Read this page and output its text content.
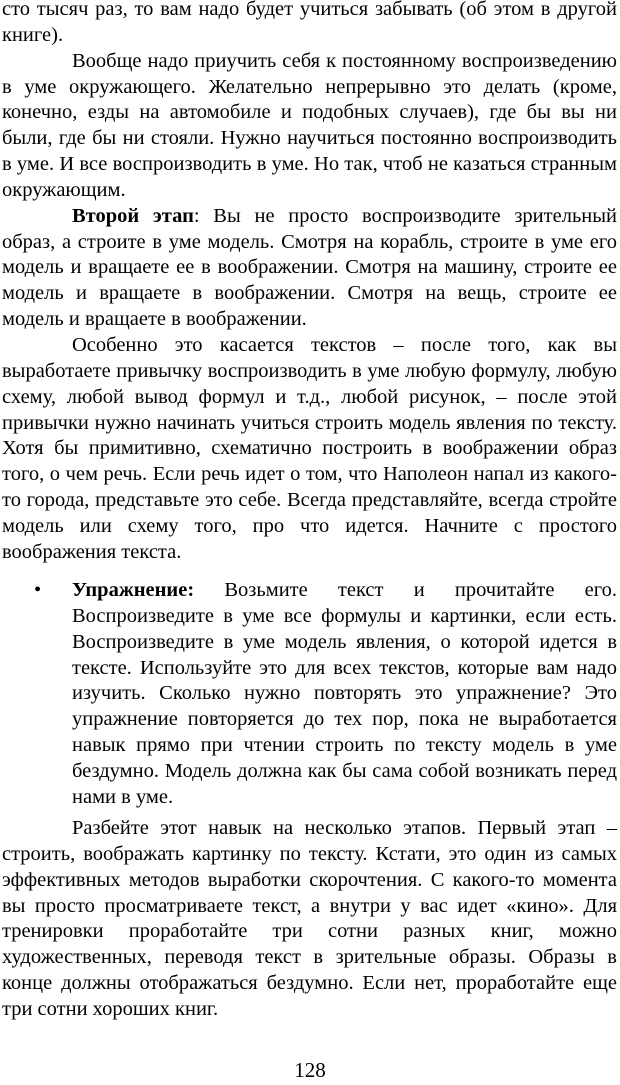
сто тысяч раз, то вам надо будет учиться забывать (об этом в другой книге).

Вообще надо приучить себя к постоянному воспроизведению в уме окружающего. Желательно непрерывно это делать (кроме, конечно, езды на автомобиле и подобных случаев), где бы вы ни были, где бы ни стояли. Нужно научиться постоянно воспроизводить в уме. И все воспроизводить в уме. Но так, чтоб не казаться странным окружающим.

Второй этап: Вы не просто воспроизводите зрительный образ, а строите в уме модель. Смотря на корабль, строите в уме его модель и вращаете ее в воображении. Смотря на машину, строите ее модель и вращаете в воображении. Смотря на вещь, строите ее модель и вращаете в воображении.

Особенно это касается текстов – после того, как вы выработаете привычку воспроизводить в уме любую формулу, любую схему, любой вывод формул и т.д., любой рисунок, – после этой привычки нужно начинать учиться строить модель явления по тексту. Хотя бы примитивно, схематично построить в воображении образ того, о чем речь. Если речь идет о том, что Наполеон напал из какого-то города, представьте это себе. Всегда представляйте, всегда стройте модель или схему того, про что идется. Начните с простого воображения текста.

• Упражнение: Возьмите текст и прочитайте его. Воспроизведите в уме все формулы и картинки, если есть. Воспроизведите в уме модель явления, о которой идется в тексте. Используйте это для всех текстов, которые вам надо изучить. Сколько нужно повторять это упражнение? Это упражнение повторяется до тех пор, пока не выработается навык прямо при чтении строить по тексту модель в уме бездумно. Модель должна как бы сама собой возникать перед нами в уме.

Разбейте этот навык на несколько этапов. Первый этап – строить, воображать картинку по тексту. Кстати, это один из самых эффективных методов выработки скорочтения. С какого-то момента вы просто просматриваете текст, а внутри у вас идет «кино». Для тренировки проработайте три сотни разных книг, можно художественных, переводя текст в зрительные образы. Образы в конце должны отображаться бездумно. Если нет, проработайте еще три сотни хороших книг.

128
